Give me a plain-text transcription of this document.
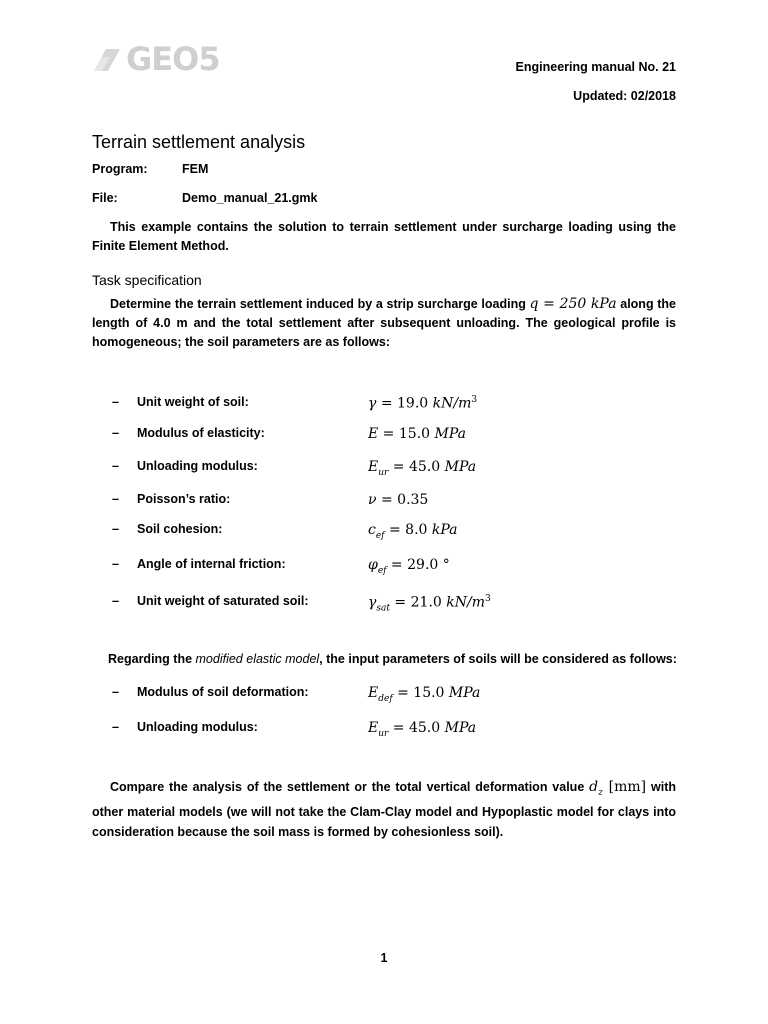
GEO5	Engineering manual No. 21
Updated: 02/2018
Terrain settlement analysis
Program:	FEM
File:	Demo_manual_21.gmk
This example contains the solution to terrain settlement under surcharge loading using the Finite Element Method.
Task specification
Determine the terrain settlement induced by a strip surcharge loading q = 250 kPa along the length of 4.0 m and the total settlement after subsequent unloading. The geological profile is homogeneous; the soil parameters are as follows:
– Unit weight of soil:	γ = 19.0 $kN/m^3$
– Modulus of elasticity:	E = 15.0 MPa
– Unloading modulus:	$E_{ur} = 45.0$ MPa
– Poisson’s ratio:	ν = 0.35
– Soil cohesion:	$c_{ef} = 8.0$ kPa
– Angle of internal friction:	$\varphi_{ef} = 29.0$ °
– Unit weight of saturated soil:	$\gamma_{sat} = 21.0$ $kN/m^3$
Regarding the modified elastic model, the input parameters of soils will be considered as follows:
– Modulus of soil deformation:	$E_{def} = 15.0$ MPa
– Unloading modulus:	$E_{ur} = 45.0$ MPa
Compare the analysis of the settlement or the total vertical deformation value $d_z$ [mm] with other material models (we will not take the Clam-Clay model and Hypoplastic model for clays into consideration because the soil mass is formed by cohesionless soil).
1
